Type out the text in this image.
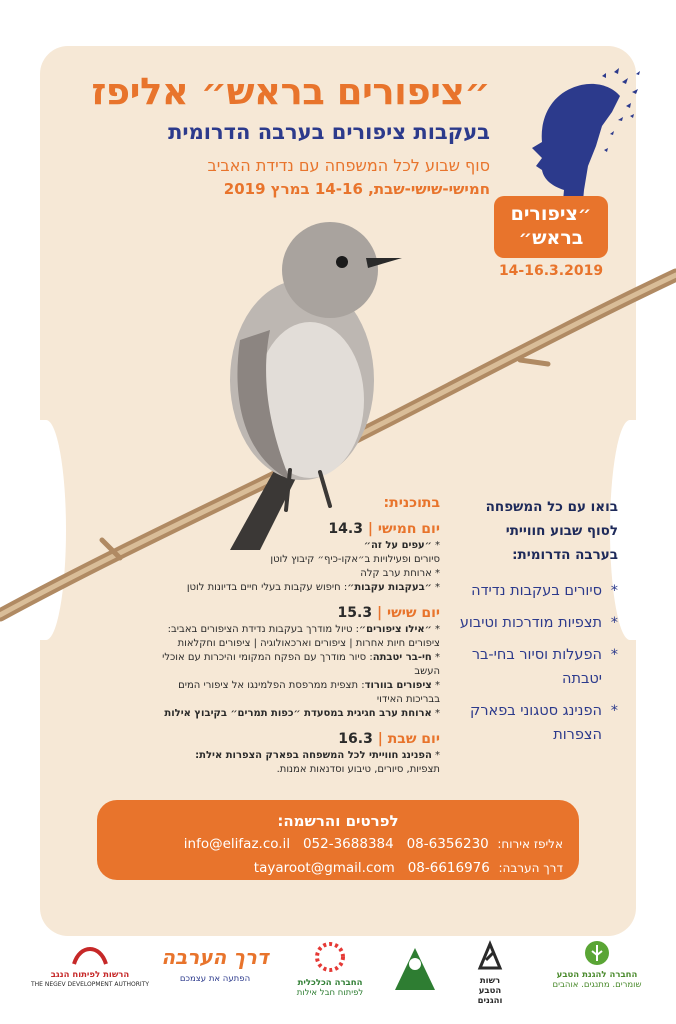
״ציפורים בראש״ אליפז
בעקבות ציפורים בערבה הדרומית
סוף שבוע לכל המשפחה עם נדידת האביב
חמישי-שישי-שבת, 14-16 במרץ 2019
״ציפורים
בראש״
14-16.3.2019

בואו עם כל המשפחה

לסוף שבוע חווייתי

בערבה הדרומית:

* סיורים בעקבות נדידה
* תצפיות מודרכות וטיבוע
* הפעלות וסיור בחי-בר יטבתה
* הפנינג סטגוני בפארק הצפרות
בתוכנית:
יום חמישי | 14.3
* ״עפים על זה״
סיורים ופעילויות ב״אקו-כיף״ קיבוץ לוטן
* ארוחת ערב קלה
* ״בעקבות עקבות״: חיפוש עקבות בעלי חיים בדיונות לוטן
יום שישי | 15.3
* ״אילו ציפורים״: טיול מודרך בעקבות נדידת הציפורים באביב:
ציפורים חיות אחרות | ציפורים וארכאולוגיה | ציפורים וחקלאות
* חי-בר יטבתה: סיור מודרך עם הפקח המקומי והיכרות עם אוכלי העשב
* ציפורים בוורוד: תצפית ממרפסת הפלמינגו אל ציפורי המים
בבריכות האידוי
* ארוחת ערב חגיגית במסעדת ״כפות תמרים״ בקיבוץ אילות
יום שבת | 16.3
* הפנינג חווייתי לכל המשפחה בפארק הצפרות אילת:
תצפיות, סיורים, טיבוע וסדנאות אמנות.
לפרטים והרשמה:
אליפז אירוח:  08-6356230   052-3688384   info@elifaz.co.il
דרך הערבה:  08-6616976   tayaroot@gmail.com
החברה להגנת הטבע
שומרים. מתנגים. אוהבים
רשות
הטבע
והגנים
החברה הכלכלית
לפיתוח חבל אילות
דרך הערבה
הפתעה את עצמכם
הרשות לפיתוח הנגב
THE NEGEV DEVELOPMENT AUTHORITY
